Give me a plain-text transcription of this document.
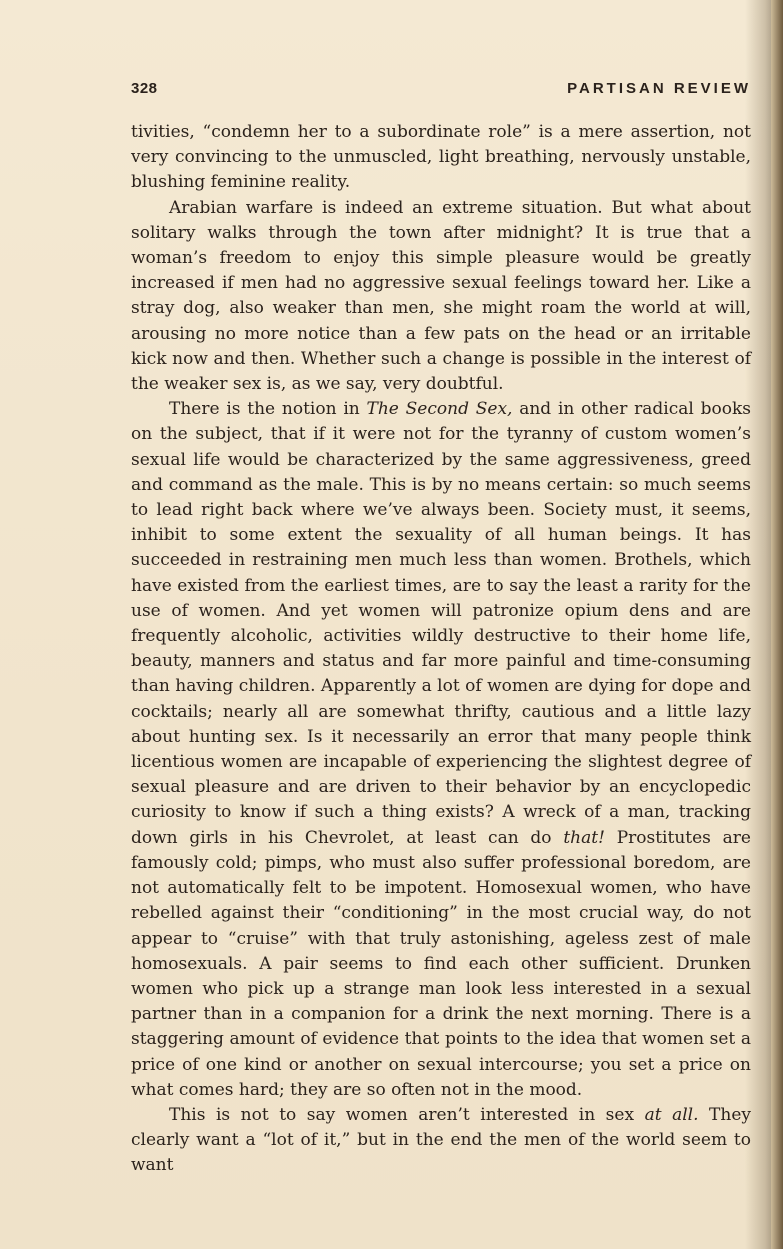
328	PARTISAN REVIEW

tivities, “condemn her to a subordinate role” is a mere assertion, not very convincing to the unmuscled, light breathing, nervously unstable, blushing feminine reality.

Arabian warfare is indeed an extreme situation. But what about solitary walks through the town after midnight? It is true that a woman’s freedom to enjoy this simple pleasure would be greatly increased if men had no aggressive sexual feelings toward her. Like a stray dog, also weaker than men, she might roam the world at will, arousing no more notice than a few pats on the head or an irritable kick now and then. Whether such a change is possible in the interest of the weaker sex is, as we say, very doubtful.

There is the notion in The Second Sex, and in other radical books on the subject, that if it were not for the tyranny of custom women’s sexual life would be characterized by the same aggressiveness, greed and command as the male. This is by no means certain: so much seems to lead right back where we’ve always been. Society must, it seems, inhibit to some extent the sexuality of all human beings. It has succeeded in restraining men much less than women. Brothels, which have existed from the earliest times, are to say the least a rarity for the use of women. And yet women will patronize opium dens and are frequently alcoholic, activities wildly destructive to their home life, beauty, manners and status and far more painful and time-consuming than having children. Apparently a lot of women are dying for dope and cocktails; nearly all are somewhat thrifty, cautious and a little lazy about hunting sex. Is it necessarily an error that many people think licentious women are incapable of experiencing the slightest degree of sexual pleasure and are driven to their behavior by an encyclopedic curiosity to know if such a thing exists? A wreck of a man, tracking down girls in his Chevrolet, at least can do that! Prostitutes are famously cold; pimps, who must also suffer professional boredom, are not automatically felt to be impotent. Homosexual women, who have rebelled against their “conditioning” in the most crucial way, do not appear to “cruise” with that truly astonishing, ageless zest of male homosexuals. A pair seems to find each other sufficient. Drunken women who pick up a strange man look less interested in a sexual partner than in a companion for a drink the next morning. There is a staggering amount of evidence that points to the idea that women set a price of one kind or another on sexual intercourse; you set a price on what comes hard; they are so often not in the mood.

This is not to say women aren’t interested in sex at all. They clearly want a “lot of it,” but in the end the men of the world seem to want
